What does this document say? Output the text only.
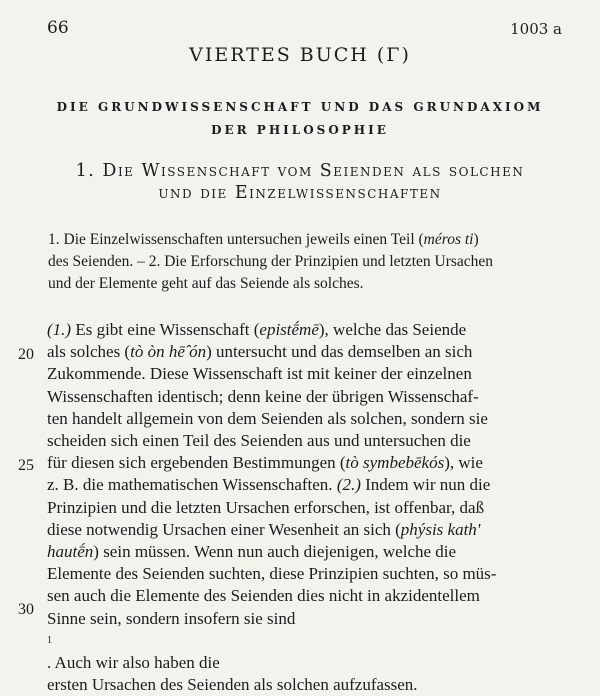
66	1003 a
VIERTES BUCH (Γ)
DIE GRUNDWISSENSCHAFT UND DAS GRUNDAXIOM
DER PHILOSOPHIE
1. Die Wissenschaft vom Seienden als solchen
und die Einzelwissenschaften
1. Die Einzelwissenschaften untersuchen jeweils einen Teil (méros ti)
des Seienden. – 2. Die Erforschung der Prinzipien und letzten Ursachen
und der Elemente geht auf das Seiende als solches.
20
25
30
(1.) Es gibt eine Wissenschaft (epistḗmē), welche das Seiende
als solches (tò òn hē̂ ón) untersucht und das demselben an sich
Zukommende. Diese Wissenschaft ist mit keiner der einzelnen
Wissenschaften identisch; denn keine der übrigen Wissenschaf-
ten handelt allgemein von dem Seienden als solchen, sondern sie
scheiden sich einen Teil des Seienden aus und untersuchen die
für diesen sich ergebenden Bestimmungen (tò symbebēkós), wie
z. B. die mathematischen Wissenschaften. (2.) Indem wir nun die
Prinzipien und die letzten Ursachen erforschen, ist offenbar, daß
diese notwendig Ursachen einer Wesenheit an sich (phýsis kath'
hautḗn) sein müssen. Wenn nun auch diejenigen, welche die
Elemente des Seienden suchten, diese Prinzipien suchten, so müs-
sen auch die Elemente des Seienden dies nicht in akzidentellem
Sinne sein, sondern insofern sie sind
1
. Auch wir also haben die
ersten Ursachen des Seienden als solchen aufzufassen.
